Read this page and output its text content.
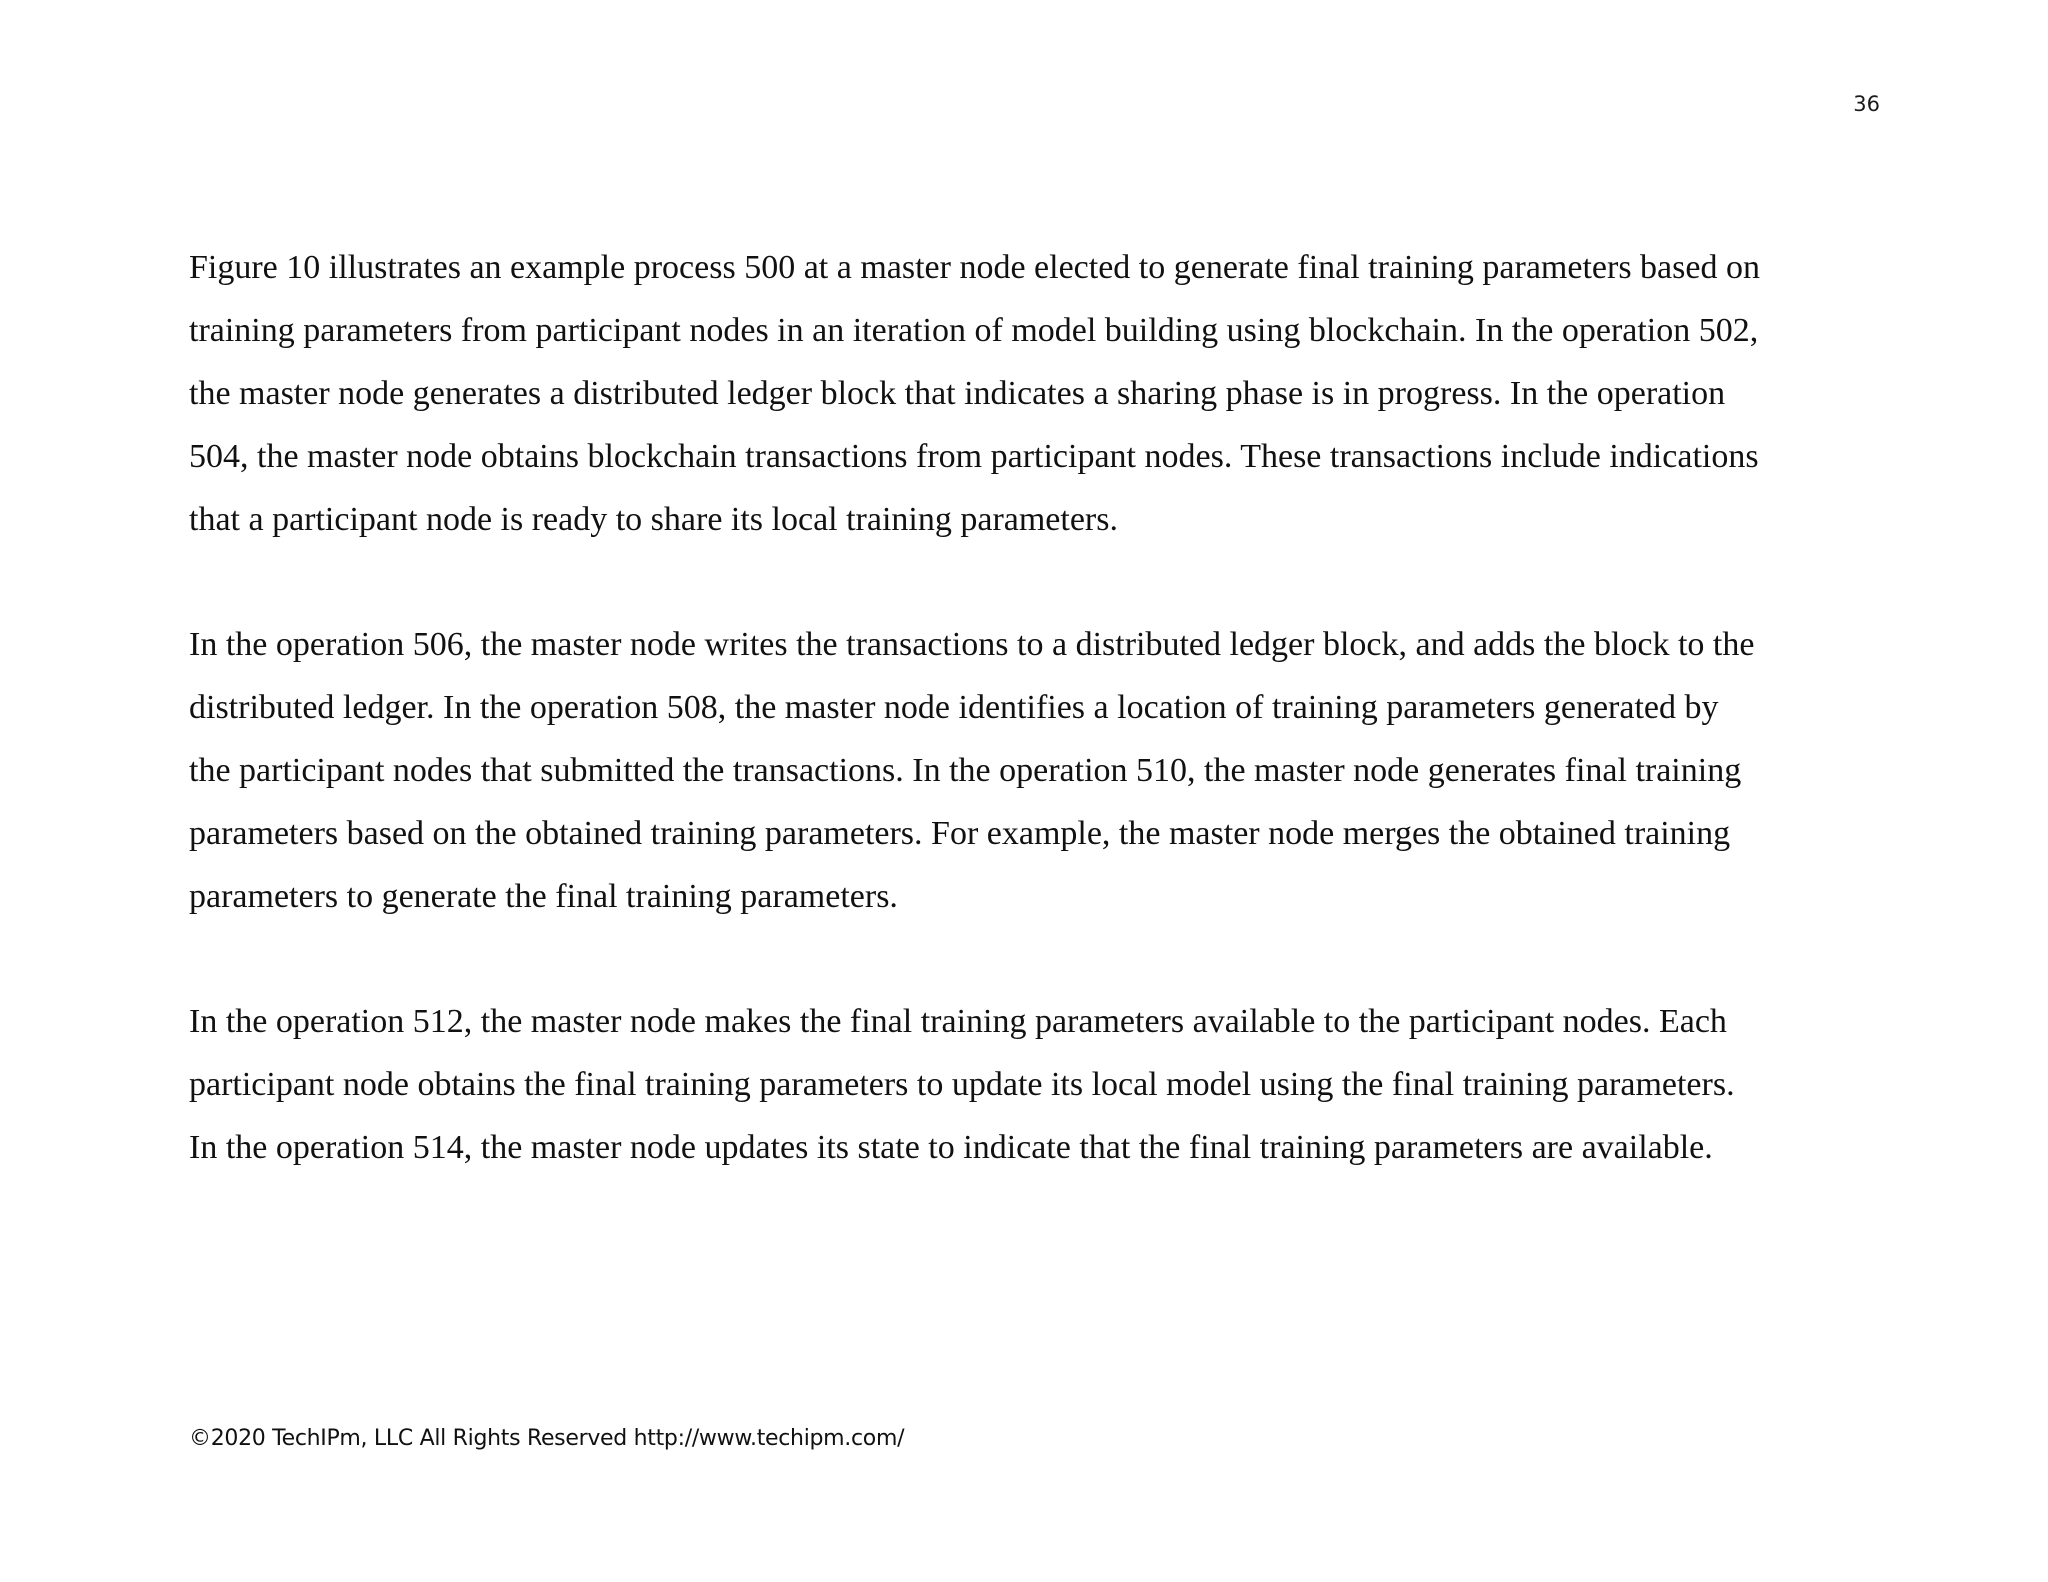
36

Figure 10 illustrates an example process 500 at a master node elected to generate final training parameters based on
training parameters from participant nodes in an iteration of model building using blockchain. In the operation 502,
the master node generates a distributed ledger block that indicates a sharing phase is in progress. In the operation
504, the master node obtains blockchain transactions from participant nodes. These transactions include indications
that a participant node is ready to share its local training parameters.

In the operation 506, the master node writes the transactions to a distributed ledger block, and adds the block to the
distributed ledger. In the operation 508, the master node identifies a location of training parameters generated by
the participant nodes that submitted the transactions. In the operation 510, the master node generates final training
parameters based on the obtained training parameters. For example, the master node merges the obtained training
parameters to generate the final training parameters.

In the operation 512, the master node makes the final training parameters available to the participant nodes. Each
participant node obtains the final training parameters to update its local model using the final training parameters.
In the operation 514, the master node updates its state to indicate that the final training parameters are available.

©2020 TechIPm, LLC All Rights Reserved http://www.techipm.com/
